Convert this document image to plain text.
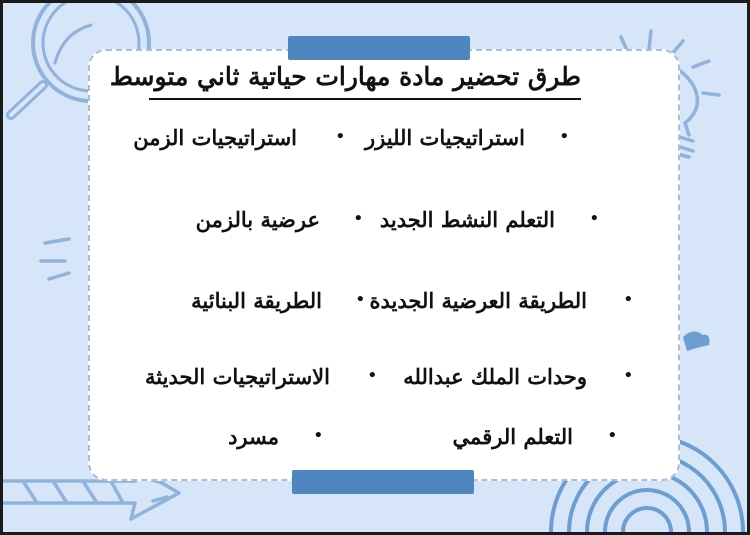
طرق تحضير مادة مهارات حياتية ثاني متوسط
•
استراتيجيات الليزر
•
استراتيجيات الزمن
•
التعلم النشط الجديد
•
عرضية بالزمن
•
الطريقة العرضية الجديدة
•
الطريقة البنائية
•
وحدات الملك عبدالله
•
الاستراتيجيات الحديثة
•
التعلم الرقمي
•
مسرد
